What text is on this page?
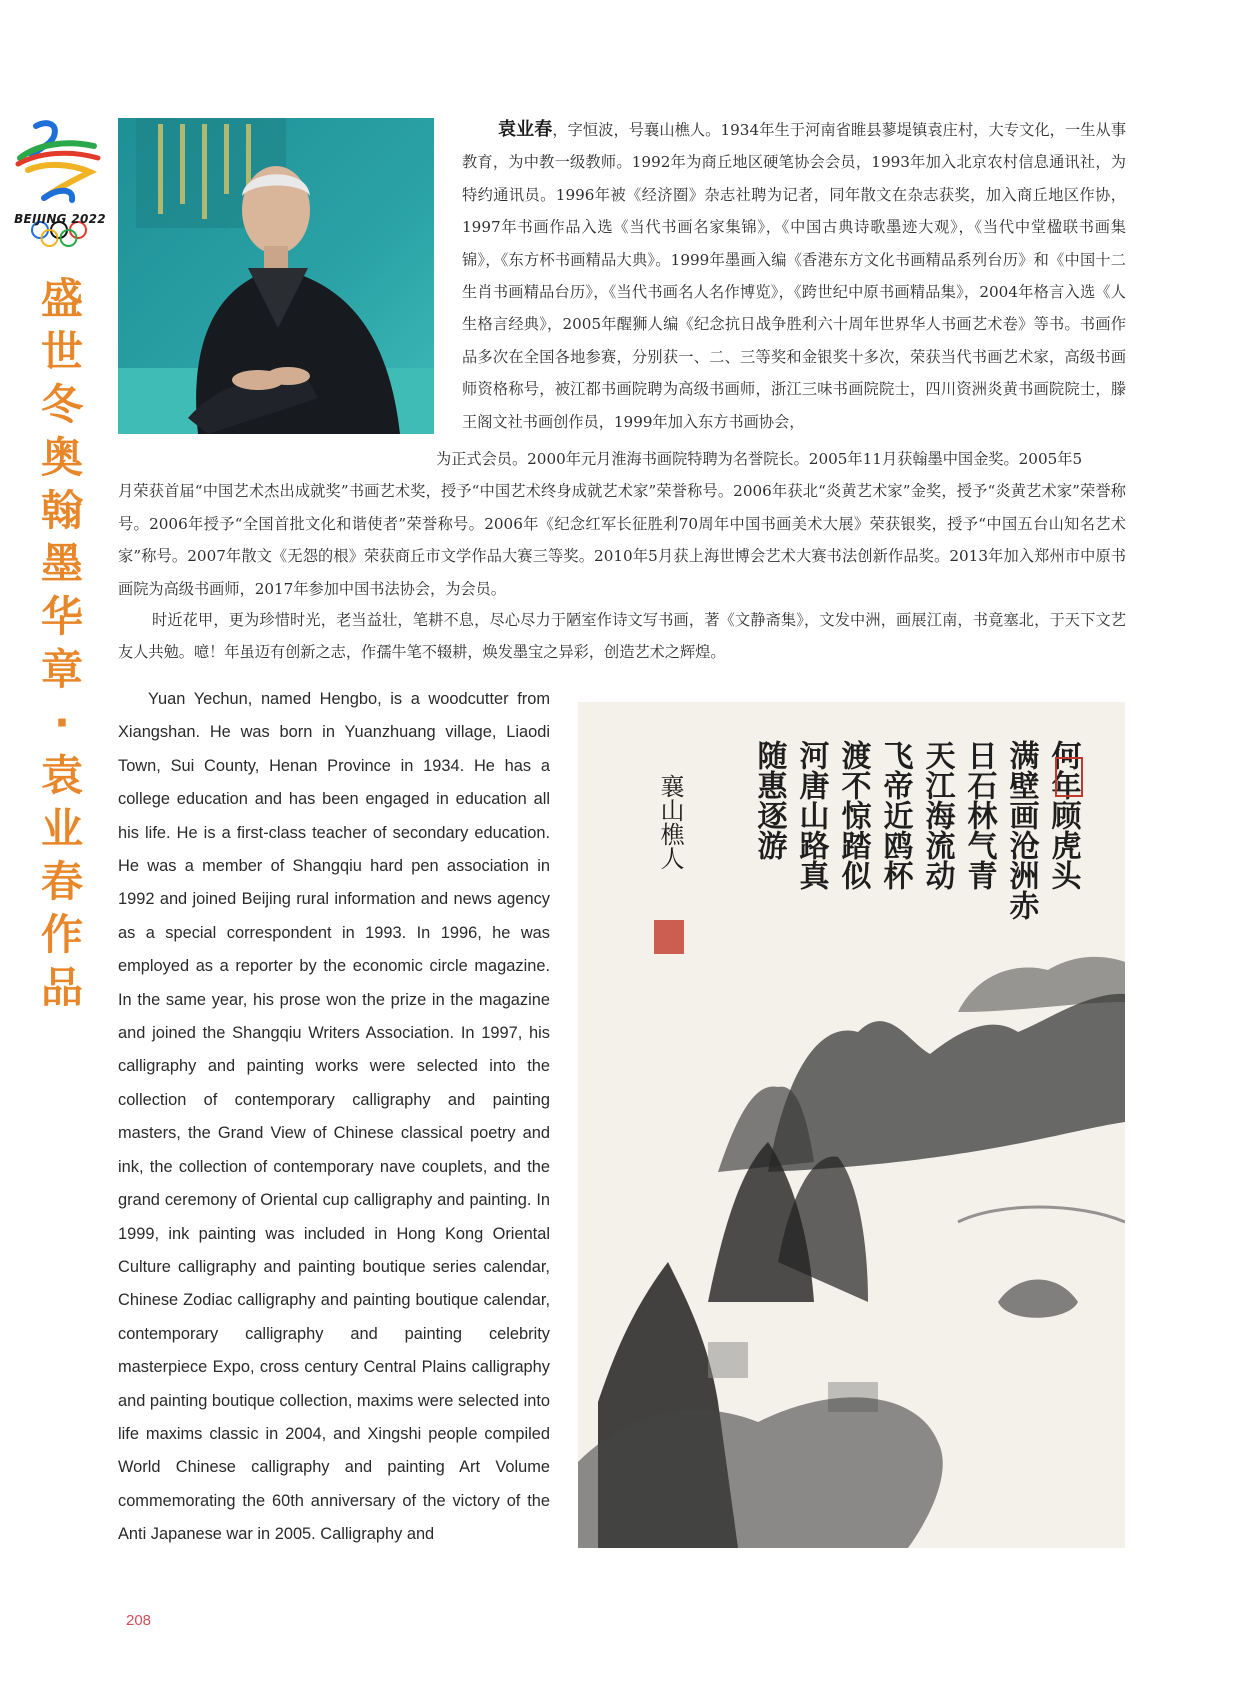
BEIJING 2022
盛
世
冬
奥
翰
墨
华
章
·
袁
业
春
作
品
袁业春，字恒波，号襄山樵人。1934年生于河南省睢县蓼堤镇袁庄村，大专文化，一生从事教育，为中教一级教师。1992年为商丘地区硬笔协会会员，1993年加入北京农村信息通讯社，为特约通讯员。1996年被《经济圈》杂志社聘为记者，同年散文在杂志获奖，加入商丘地区作协，1997年书画作品入选《当代书画名家集锦》，《中国古典诗歌墨迹大观》，《当代中堂楹联书画集锦》，《东方杯书画精品大典》。1999年墨画入编《香港东方文化书画精品系列台历》和《中国十二生肖书画精品台历》，《当代书画名人名作博览》，《跨世纪中原书画精品集》，2004年格言入选《人生格言经典》，2005年醒狮人编《纪念抗日战争胜利六十周年世界华人书画艺术卷》等书。书画作品多次在全国各地参赛，分别获一、二、三等奖和金银奖十多次，荣获当代书画艺术家，高级书画师资格称号，被江都书画院聘为高级书画师，浙江三味书画院院士，四川资洲炎黄书画院院士，滕王阁文社书画创作员，1999年加入东方书画协会，
为正式会员。2000年元月淮海书画院特聘为名誉院长。2005年11月获翰墨中国金奖。2005年5
月荣获首届“中国艺术杰出成就奖”书画艺术奖，授予“中国艺术终身成就艺术家”荣誉称号。2006年获北“炎黄艺术家”金奖，授予“炎黄艺术家”荣誉称号。2006年授予“全国首批文化和谐使者”荣誉称号。2006年《纪念红军长征胜利70周年中国书画美术大展》荣获银奖，授予“中国五台山知名艺术家”称号。2007年散文《无怨的根》荣获商丘市文学作品大赛三等奖。2010年5月获上海世博会艺术大赛书法创新作品奖。2013年加入郑州市中原书画院为高级书画师，2017年参加中国书法协会，为会员。
时近花甲，更为珍惜时光，老当益壮，笔耕不息，尽心尽力于陋室作诗文写书画，著《文静斋集》，文发中洲，画展江南，书竟塞北，于天下文艺友人共勉。噫！年虽迈有创新之志，作孺牛笔不辍耕，焕发墨宝之异彩，创造艺术之辉煌。
Yuan Yechun, named Hengbo, is a woodcutter from Xiangshan. He was born in Yuanzhuang village, Liaodi Town, Sui County, Henan Province in 1934. He has a college education and has been engaged in education all his life. He is a first-class teacher of secondary education. He was a member of Shangqiu hard pen association in 1992 and joined Beijing rural information and news agency as a special correspondent in 1993. In 1996, he was employed as a reporter by the economic circle magazine. In the same year, his prose won the prize in the magazine and joined the Shangqiu Writers Association. In 1997, his calligraphy and painting works were selected into the collection of contemporary calligraphy and painting masters, the Grand View of Chinese classical poetry and ink, the collection of contemporary nave couplets, and the grand ceremony of Oriental cup calligraphy and painting. In 1999, ink painting was included in Hong Kong Oriental Culture calligraphy and painting boutique series calendar, Chinese Zodiac calligraphy and painting boutique calendar, contemporary calligraphy and painting celebrity masterpiece Expo, cross century Central Plains calligraphy and painting boutique collection, maxims were selected into life maxims classic in 2004, and Xingshi people compiled World Chinese calligraphy and painting Art Volume commemorating the 60th anniversary of the victory of the Anti Japanese war in 2005. Calligraphy and
何年顾虎头
满壁画沧洲赤
日石林气青
天江海流动
飞帝近鸥杯
渡不惊踏似
河唐山路真
随惠逐游
襄山樵人
208
